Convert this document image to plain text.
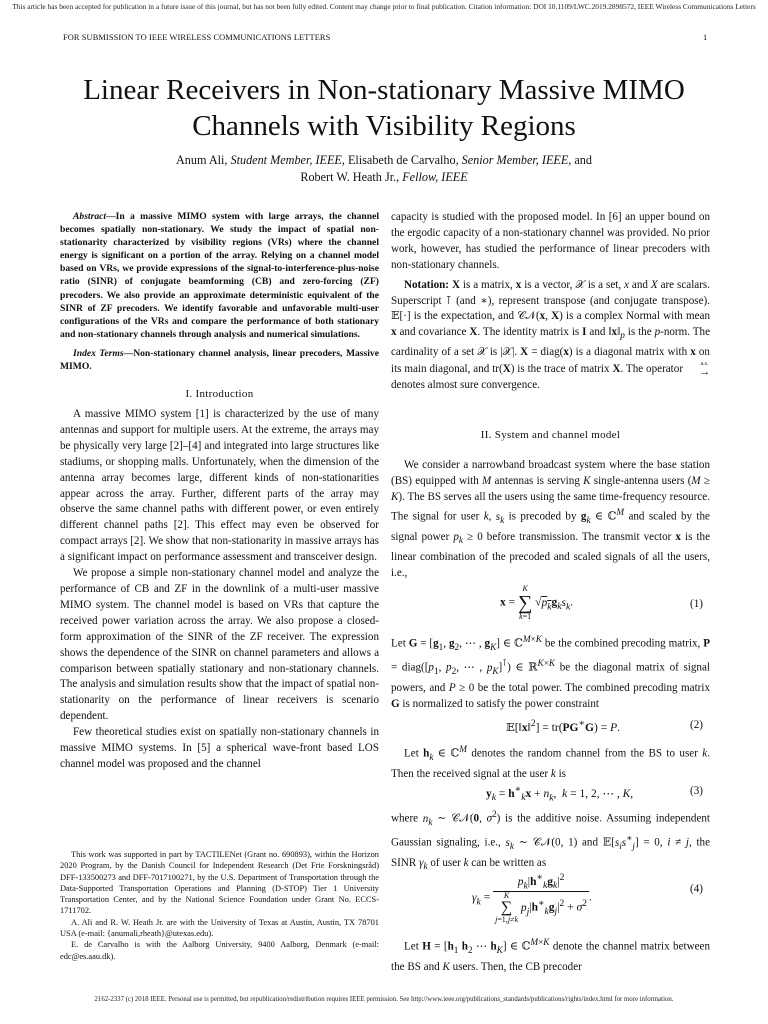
This article has been accepted for publication in a future issue of this journal, but has not been fully edited. Content may change prior to final publication. Citation information: DOI 10.1109/LWC.2019.2898572, IEEE Wireless Communications Letters
FOR SUBMISSION TO IEEE WIRELESS COMMUNICATIONS LETTERS	1
Linear Receivers in Non-stationary Massive MIMO Channels with Visibility Regions
Anum Ali, Student Member, IEEE, Elisabeth de Carvalho, Senior Member, IEEE, and
Robert W. Heath Jr., Fellow, IEEE
Abstract—In a massive MIMO system with large arrays, the channel becomes spatially non-stationary. We study the impact of spatial non-stationarity characterized by visibility regions (VRs) where the channel energy is significant on a portion of the array. Relying on a channel model based on VRs, we provide expressions of the signal-to-interference-plus-noise ratio (SINR) of conjugate beamforming (CB) and zero-forcing (ZF) precoders. We also provide an approximate deterministic equivalent of the SINR of ZF precoders. We identify favorable and unfavorable multi-user configurations of the VRs and compare the performance of both stationary and non-stationary channels through analysis and numerical simulations.
Index Terms—Non-stationary channel analysis, linear precoders, Massive MIMO.
I. Introduction

A massive MIMO system [1] is characterized by the use of many antennas and support for multiple users. At the extreme, the arrays may be physically very large [2]–[4] and integrated into large structures like stadiums, or shopping malls. Unfortunately, when the dimension of the antenna array becomes large, different kinds of non-stationarities appear across the array. Further, different parts of the array may observe the same channel paths with different power, or even entirely different channel paths [2]. This effect may even be observed for compact arrays [2]. We show that non-stationarity in massive arrays has a significant impact on performance assessment and transceiver design.

We propose a simple non-stationary channel model and analyze the performance of CB and ZF in the downlink of a multi-user massive MIMO system. The channel model is based on VRs that capture the received power variation across the array. We also propose a closed-form approximation of the SINR of the ZF receiver. The expression shows the dependence of the SINR on channel parameters and allows a comparison between spatially stationary and non-stationary channels. The analysis and simulation results show that the impact of spatial non-stationarity on the performance of linear receivers is scenario dependent.

Few theoretical studies exist on spatially non-stationary channels in massive MIMO systems. In [5] a spherical wave-front based LOS channel model was proposed and the channel

This work was supported in part by TACTILENet (Grant no. 690893), within the Horizon 2020 Program, by the Danish Council for Independent Research (Det Frie Forskningsråd) DFF-133500273 and DFF-7017100271, by the U.S. Department of Transportation through the Data-Supported Transportation Operations and Planning (D-STOP) Tier 1 University Transportation Center, and by the National Science Foundation under Grant No. ECCS-1711702.

A. Ali and R. W. Heath Jr. are with the University of Texas at Austin, Austin, TX 78701 USA (e-mail: {anumali,rheath}@utexas.edu).

E. de Carvalho is with the Aalborg University, 9400 Aalborg, Denmark (e-mail: edc@es.aau.dk).

capacity is studied with the proposed model. In [6] an upper bound on the ergodic capacity of a non-stationary channel was provided. No prior work, however, has studied the performance of linear precoders with non-stationary channels.

Notation: X is a matrix, x is a vector, 𝒳 is a set, x and X are scalars. Superscript ⊺ (and ∗), represent transpose (and conjugate transpose). 𝔼[·] is the expectation, and 𝒞𝒩(x, X) is a complex Normal with mean x and covariance X. The identity matrix is I and $‖x‖_p$ is the p-norm. The cardinality of a set 𝒳 is |𝒳|. X = diag(x) is a diagonal matrix with x on its main diagonal, and tr(X) is the trace of matrix X. The operator	a.s.
→
denotes almost sure convergence.

II. System and channel model

We consider a narrowband broadcast system where the base station (BS) equipped with M antennas is serving K single-antenna users (M ≥ K). The BS serves all the users using the same time-frequency resource. The signal for user k, $s_k$ is precoded by $g_k$ ∈ ℂ$^M$ and scaled by the signal power $p_k \ge 0$ before transmission. The transmit vector x is the linear combination of the precoded and scaled signals of all the users, i.e.,

x =
K
∑
k=1
$√p_kg_ks_k$.	(1)

Let $G = [g_1$, $g_2$, ⋯ , $g_K$] ∈ ℂ$^{M\times K}$ be the combined precoding matrix, $P = diag([p_1$, $p_2$, ⋯ , $p_K]^⊺$) ∈ ℝ$^{K\times K}$ be the diagonal matrix of signal powers, and P ≥ 0 be the total power. The combined precoding matrix G is normalized to satisfy the power constraint

𝔼[‖x‖$^2$] = tr(PG∗G) = P.	(2)

Let $h_k$ ∈ ℂ$^M$ denotes the random channel from the BS to user k. Then the received signal at the user k is

$y_k = h^∗_kx + n_k$,  k = 1, 2, ⋯ , K,	(3)

where $n_k$ ∼ 𝒞𝒩(0, $\sigma^2$) is the additive noise. Assuming independent Gaussian signaling, i.e., $s_k$ ∼ 𝒞𝒩(0, 1) and $𝔼[s_is^∗_j] = 0$, i ≠ j, the SINR $\gamma_k$ of user k can be written as

$\gamma_k = p_k|h^∗_kg_k|^2$
K
∑
j=1,j≠k
$p_j|h^∗_kg_j|^2 + \sigma^2$ .
(4)

Let $H = [h_1$ $h_2$ ⋯ $h_K$] ∈ ℂ$^{M\times K}$ denote the channel matrix between the BS and K users. Then, the CB precoder

2162-2337 (c) 2018 IEEE. Personal use is permitted, but republication/redistribution requires IEEE permission. See http://www.ieee.org/publications_standards/publications/rights/index.html for more information.
